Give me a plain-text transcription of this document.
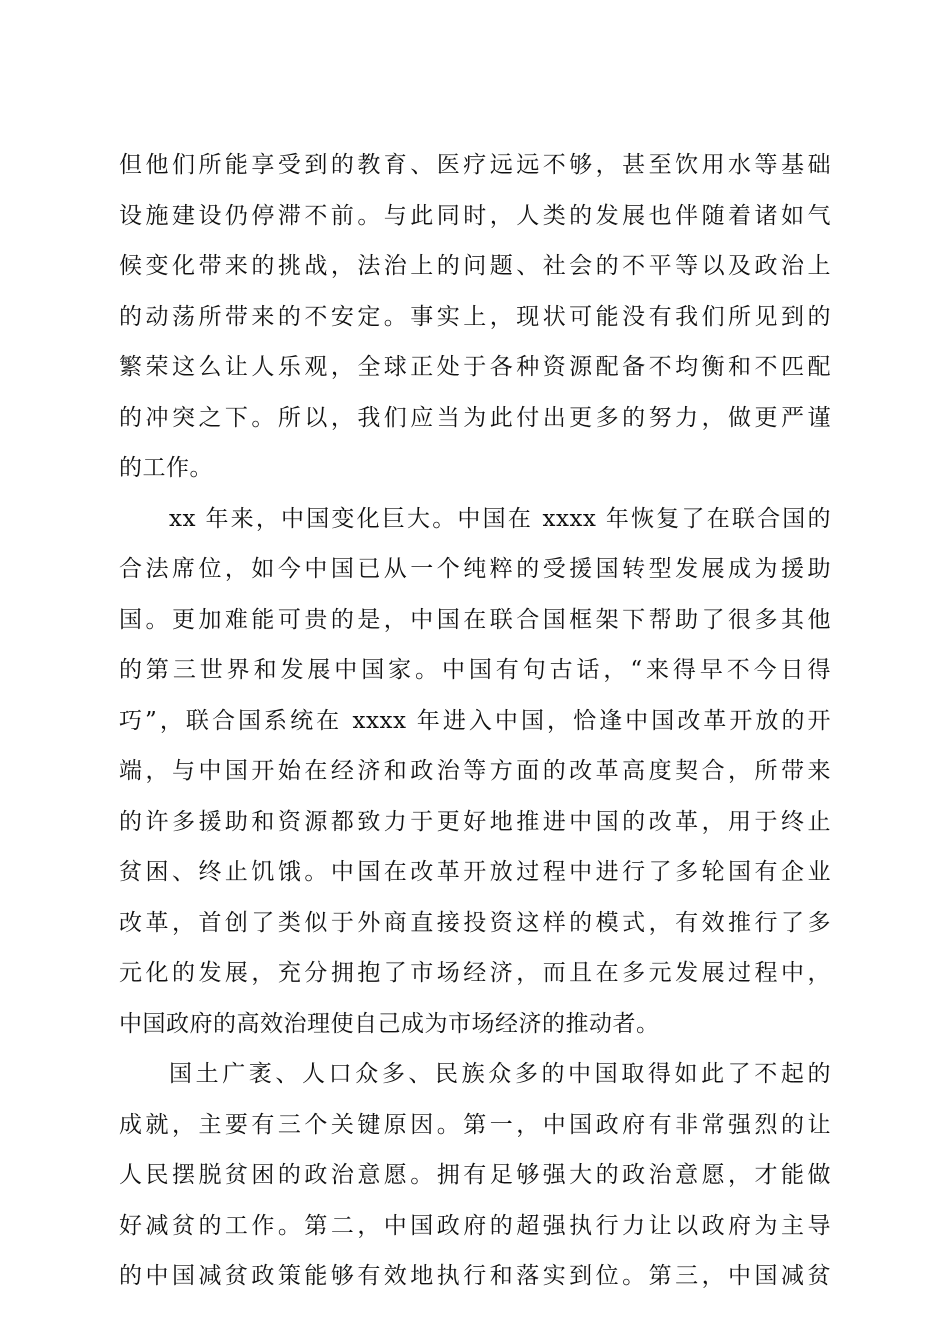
但他们所能享受到的教育、医疗远远不够，甚至饮用水等基础
设施建设仍停滞不前。与此同时，人类的发展也伴随着诸如气
候变化带来的挑战，法治上的问题、社会的不平等以及政治上
的动荡所带来的不安定。事实上，现状可能没有我们所见到的
繁荣这么让人乐观，全球正处于各种资源配备不均衡和不匹配
的冲突之下。所以，我们应当为此付出更多的努力，做更严谨
的工作。
xx 年来，中国变化巨大。中国在 xxxx 年恢复了在联合国的
合法席位，如今中国已从一个纯粹的受援国转型发展成为援助
国。更加难能可贵的是，中国在联合国框架下帮助了很多其他
的第三世界和发展中国家。中国有句古话，“来得早不今日得
巧”，联合国系统在 xxxx 年进入中国，恰逢中国改革开放的开
端，与中国开始在经济和政治等方面的改革高度契合，所带来
的许多援助和资源都致力于更好地推进中国的改革，用于终止
贫困、终止饥饿。中国在改革开放过程中进行了多轮国有企业
改革，首创了类似于外商直接投资这样的模式，有效推行了多
元化的发展，充分拥抱了市场经济，而且在多元发展过程中，
中国政府的高效治理使自己成为市场经济的推动者。
国土广袤、人口众多、民族众多的中国取得如此了不起的
成就，主要有三个关键原因。第一，中国政府有非常强烈的让
人民摆脱贫困的政治意愿。拥有足够强大的政治意愿，才能做
好减贫的工作。第二，中国政府的超强执行力让以政府为主导
的中国减贫政策能够有效地执行和落实到位。第三，中国减贫
